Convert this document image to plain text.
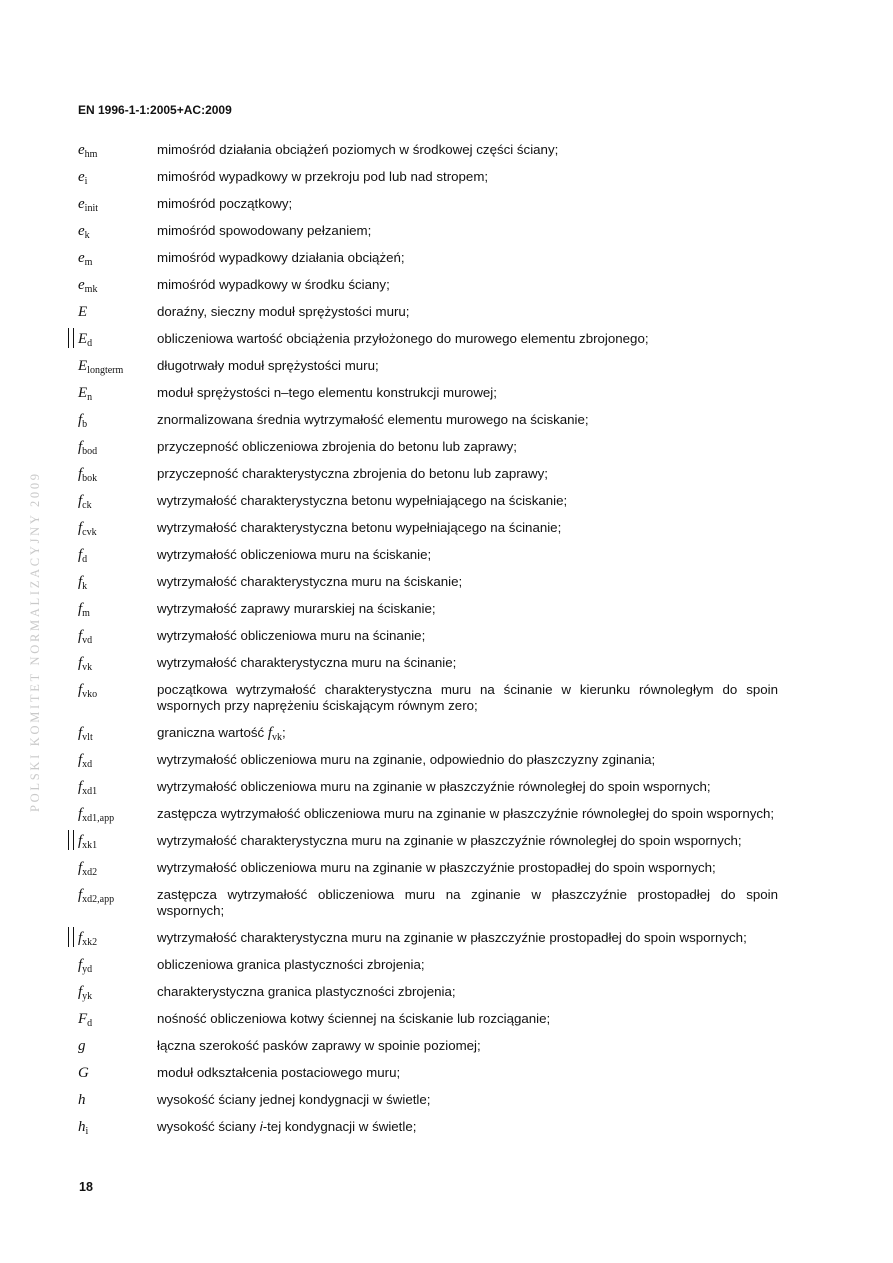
EN 1996-1-1:2005+AC:2009
$e_{hm}$	mimośród działania obciążeń poziomych w środkowej części ściany;
$e_i$	mimośród wypadkowy w przekroju pod lub nad stropem;
$e_{init}$	mimośród początkowy;
$e_k$	mimośród spowodowany pełzaniem;
$e_m$	mimośród wypadkowy działania obciążeń;
$e_{mk}$	mimośród wypadkowy w środku ściany;
E	doraźny, sieczny moduł sprężystości muru;
$E_d$	obliczeniowa wartość obciążenia przyłożonego do murowego elementu zbrojonego;
$E_{longterm}$	długotrwały moduł sprężystości muru;
$E_n$	moduł sprężystości n–tego elementu konstrukcji murowej;
$f_b$	znormalizowana średnia wytrzymałość elementu murowego na ściskanie;
$f_{bod}$	przyczepność obliczeniowa zbrojenia do betonu lub zaprawy;
$f_{bok}$	przyczepność charakterystyczna zbrojenia do betonu lub zaprawy;
$f_{ck}$	wytrzymałość charakterystyczna betonu wypełniającego na ściskanie;
$f_{cvk}$	wytrzymałość charakterystyczna betonu wypełniającego na ścinanie;
$f_d$	wytrzymałość obliczeniowa muru na ściskanie;
$f_k$	wytrzymałość charakterystyczna muru na ściskanie;
$f_m$	wytrzymałość zaprawy murarskiej na ściskanie;
$f_{vd}$	wytrzymałość obliczeniowa muru na ścinanie;
$f_{vk}$	wytrzymałość charakterystyczna muru na ścinanie;
$f_{vko}$	początkowa wytrzymałość charakterystyczna muru na ścinanie w kierunku równoległym do spoin wspornych przy naprężeniu ściskającym równym zero;
$f_{vlt}$	graniczna wartość $f_{vk}$;
$f_{xd}$	wytrzymałość obliczeniowa muru na zginanie, odpowiednio do płaszczyzny zginania;
$f_{xd1}$	wytrzymałość obliczeniowa muru na zginanie w płaszczyźnie równoległej do spoin wspornych;
$f_{xd1,app}$	zastępcza wytrzymałość obliczeniowa muru na zginanie w płaszczyźnie równoległej do spoin wspornych;
$f_{xk1}$	wytrzymałość charakterystyczna muru na zginanie w płaszczyźnie równoległej do spoin wspornych;
$f_{xd2}$	wytrzymałość obliczeniowa muru na zginanie w płaszczyźnie prostopadłej do spoin wspornych;
$f_{xd2,app}$	zastępcza wytrzymałość obliczeniowa muru na zginanie w płaszczyźnie prostopadłej do spoin wspornych;
$f_{xk2}$	wytrzymałość charakterystyczna muru na zginanie w płaszczyźnie prostopadłej do spoin wspornych;
$f_{yd}$	obliczeniowa granica plastyczności zbrojenia;
$f_{yk}$	charakterystyczna granica plastyczności zbrojenia;
$F_d$	nośność obliczeniowa kotwy ściennej na ściskanie lub rozciąganie;
g	łączna szerokość pasków zaprawy w spoinie poziomej;
G	moduł odkształcenia postaciowego muru;
h	wysokość ściany jednej kondygnacji w świetle;
$h_i$	wysokość ściany i-tej kondygnacji w świetle;
POLSKI KOMITET NORMALIZACYJNY 2009
18
